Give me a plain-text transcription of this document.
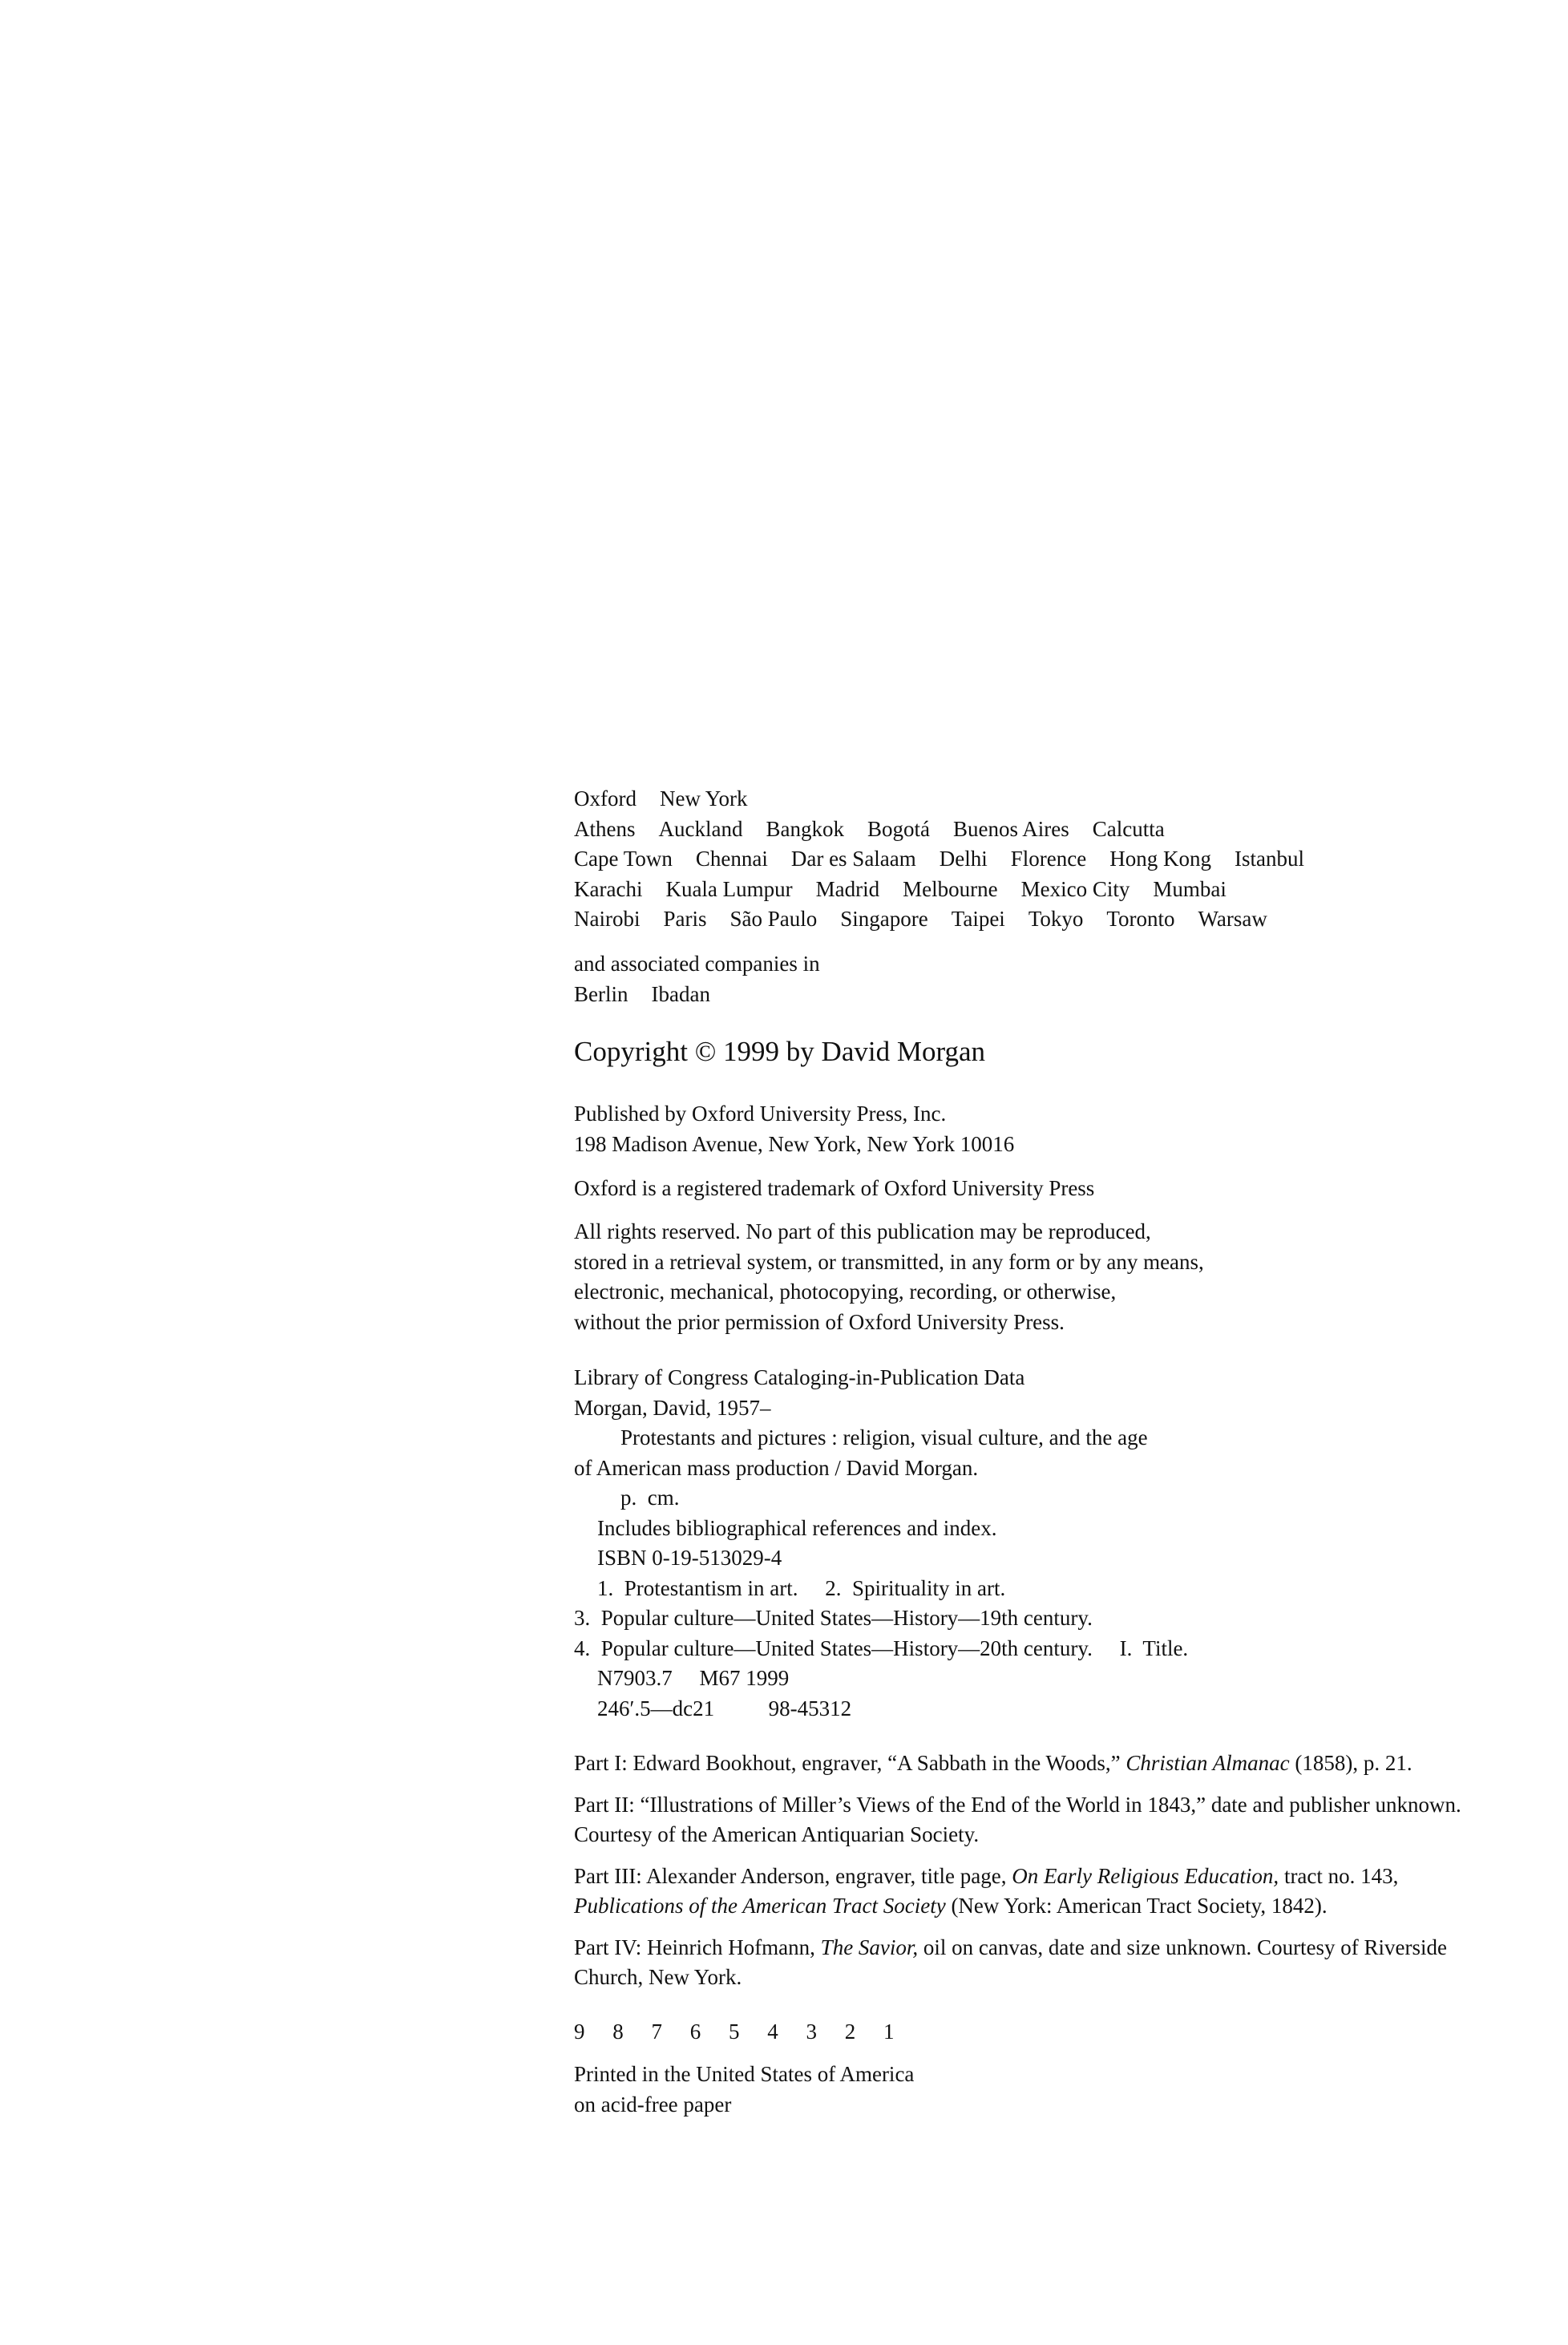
Oxford New York
Athens Auckland Bangkok Bogotá Buenos Aires Calcutta
Cape Town Chennai Dar es Salaam Delhi Florence Hong Kong Istanbul
Karachi Kuala Lumpur Madrid Melbourne Mexico City Mumbai
Nairobi Paris São Paulo Singapore Taipei Tokyo Toronto Warsaw
and associated companies in
Berlin Ibadan
Copyright © 1999 by David Morgan
Published by Oxford University Press, Inc.
198 Madison Avenue, New York, New York 10016
Oxford is a registered trademark of Oxford University Press
All rights reserved. No part of this publication may be reproduced,
stored in a retrieval system, or transmitted, in any form or by any means,
electronic, mechanical, photocopying, recording, or otherwise,
without the prior permission of Oxford University Press.
Library of Congress Cataloging-in-Publication Data
Morgan, David, 1957–
Protestants and pictures : religion, visual culture, and the age
of American mass production / David Morgan.
p.  cm.
Includes bibliographical references and index.
ISBN 0-19-513029-4
1.  Protestantism in art.     2.  Spirituality in art.
3.  Popular culture—United States—History—19th century.
4.  Popular culture—United States—History—20th century.     I.  Title.
N7903.7     M67 1999
246′.5—dc21          98-45312
Part I: Edward Bookhout, engraver, “A Sabbath in the Woods,” Christian Almanac (1858), p. 21.
Part II: “Illustrations of Miller’s Views of the End of the World in 1843,” date and publisher unknown. Courtesy of the American Antiquarian Society.
Part III: Alexander Anderson, engraver, title page, On Early Religious Education, tract no. 143, Publications of the American Tract Society (New York: American Tract Society, 1842).
Part IV: Heinrich Hofmann, The Savior, oil on canvas, date and size unknown. Courtesy of Riverside Church, New York.
9 8 7 6 5 4 3 2 1
Printed in the United States of America
on acid-free paper
